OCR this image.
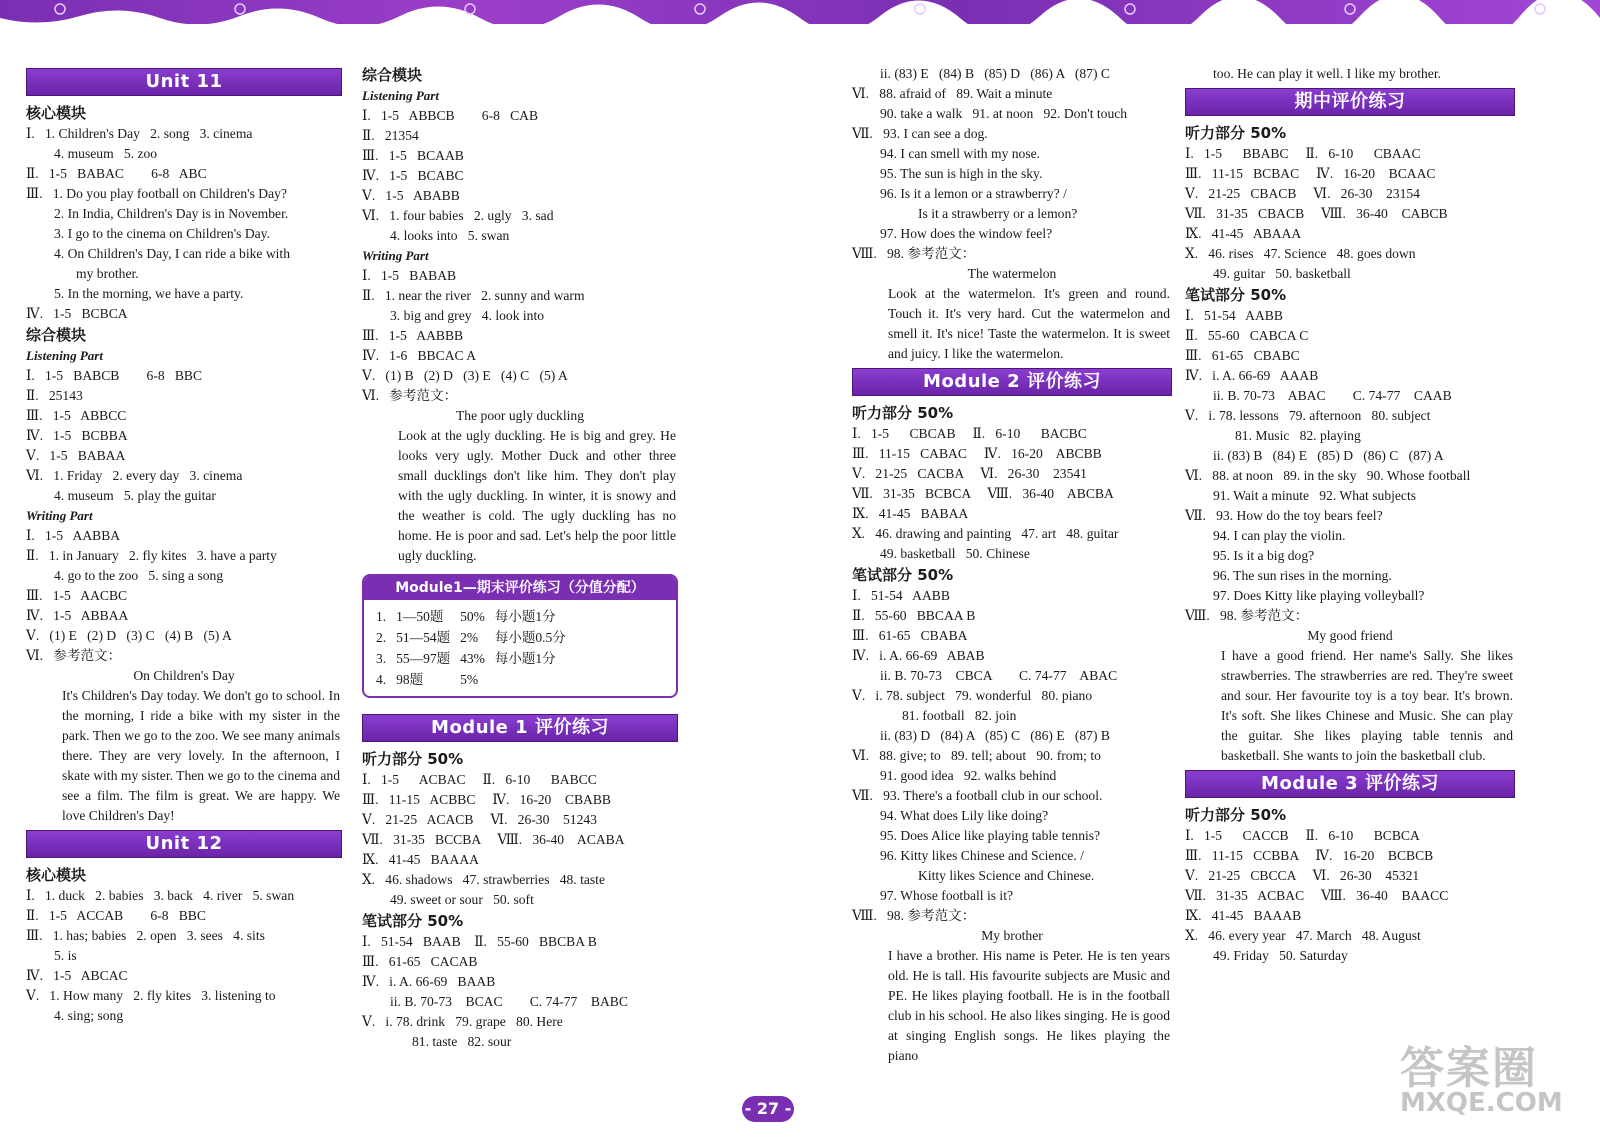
Unit 11
核心模块
Ⅰ.   1. Children's Day   2. song   3. cinema
4. museum   5. zoo
Ⅱ.   1-5   BABAC        6-8   ABC
Ⅲ.   1. Do you play football on Children's Day?
2. In India, Children's Day is in November.
3. I go to the cinema on Children's Day.
4. On Children's Day, I can ride a bike with
my brother.
5. In the morning, we have a party.
Ⅳ.   1-5   BCBCA
综合模块
Listening Part
Ⅰ.   1-5   BABCB        6-8   BBC
Ⅱ.   25143
Ⅲ.   1-5   ABBCC
Ⅳ.   1-5   BCBBA
Ⅴ.   1-5   BABAA
Ⅵ.   1. Friday   2. every day   3. cinema
4. museum   5. play the guitar
Writing Part
Ⅰ.   1-5   AABBA
Ⅱ.   1. in January   2. fly kites   3. have a party
4. go to the zoo   5. sing a song
Ⅲ.   1-5   AACBC
Ⅳ.   1-5   ABBAA
Ⅴ.   (1) E   (2) D   (3) C   (4) B   (5) A
Ⅵ.   参考范文：
On Children's Day
It's Children's Day today. We don't go to school. In the morning, I ride a bike with my sister in the park. Then we go to the zoo. We see many animals there. They are very lovely. In the afternoon, I skate with my sister. Then we go to the cinema and see a film. The film is great. We are happy. We love Children's Day!
Unit 12
核心模块
Ⅰ.   1. duck   2. babies   3. back   4. river   5. swan
Ⅱ.   1-5   ACCAB        6-8   BBC
Ⅲ.   1. has; babies   2. open   3. sees   4. sits
5. is
Ⅳ.   1-5   ABCAC
Ⅴ.   1. How many   2. fly kites   3. listening to
4. sing; song
综合模块
Listening Part
Ⅰ.   1-5   ABBCB        6-8   CAB
Ⅱ.   21354
Ⅲ.   1-5   BCAAB
Ⅳ.   1-5   BCABC
Ⅴ.   1-5   ABABB
Ⅵ.   1. four babies   2. ugly   3. sad
4. looks into   5. swan
Writing Part
Ⅰ.   1-5   BABAB
Ⅱ.   1. near the river   2. sunny and warm
3. big and grey   4. look into
Ⅲ.   1-5   AABBB
Ⅳ.   1-6   BBCAC A
Ⅴ.   (1) B   (2) D   (3) E   (4) C   (5) A
Ⅵ.   参考范文：
The poor ugly duckling
Look at the ugly duckling. He is big and grey. He looks very ugly. Mother Duck and other three small ducklings don't like him. They don't play with the ugly duckling. In winter, it is snowy and the weather is cold. The ugly duckling has no home. He is poor and sad. Let's help the poor little ugly duckling.
Module1—期末评价练习（分值分配）
1.	1—50题	50%	每小题1分
2.	51—54题	2%	每小题0.5分
3.	55—97题	43%	每小题1分
4.	98题	5%	
Module 1 评价练习
听力部分 50%
Ⅰ.   1-5      ACBAC     Ⅱ.   6-10      BABCC
Ⅲ.   11-15   ACBBC     Ⅳ.   16-20    CBABB
Ⅴ.   21-25   ACACB     Ⅵ.   26-30    51243
Ⅶ.   31-35   BCCBA     Ⅷ.   36-40    ACABA
Ⅸ.   41-45   BAAAA
Ⅹ.   46. shadows   47. strawberries   48. taste
49. sweet or sour   50. soft
笔试部分 50%
Ⅰ.   51-54   BAAB    Ⅱ.   55-60   BBCBA B
Ⅲ.   61-65   CACAB
Ⅳ.   i. A. 66-69   BAAB
ii. B. 70-73    BCAC        C. 74-77    BABC
Ⅴ.   i. 78. drink   79. grape   80. Here
81. taste   82. sour
ii. (83) E   (84) B   (85) D   (86) A   (87) C
Ⅵ.   88. afraid of   89. Wait a minute
90. take a walk   91. at noon   92. Don't touch
Ⅶ.   93. I can see a dog.
94. I can smell with my nose.
95. The sun is high in the sky.
96. Is it a lemon or a strawberry? /
Is it a strawberry or a lemon?
97. How does the window feel?
Ⅷ.   98. 参考范文：
The watermelon
Look at the watermelon. It's green and round. Touch it. It's very hard. Cut the watermelon and smell it. It's nice! Taste the watermelon. It is sweet and juicy. I like the watermelon.
Module 2 评价练习
听力部分 50%
Ⅰ.   1-5      CBCAB     Ⅱ.   6-10      BACBC
Ⅲ.   11-15   CABAC     Ⅳ.   16-20    ABCBB
Ⅴ.   21-25   CACBA     Ⅵ.   26-30    23541
Ⅶ.   31-35   BCBCA     Ⅷ.   36-40    ABCBA
Ⅸ.   41-45   BABAA
Ⅹ.   46. drawing and painting   47. art   48. guitar
49. basketball   50. Chinese
笔试部分 50%
Ⅰ.   51-54   AABB
Ⅱ.   55-60   BBCAA B
Ⅲ.   61-65   CBABA
Ⅳ.   i. A. 66-69   ABAB
ii. B. 70-73    CBCA        C. 74-77    ABAC
Ⅴ.   i. 78. subject   79. wonderful   80. piano
81. football   82. join
ii. (83) D   (84) A   (85) C   (86) E   (87) B
Ⅵ.   88. give; to   89. tell; about   90. from; to
91. good idea   92. walks behind
Ⅶ.   93. There's a football club in our school.
94. What does Lily like doing?
95. Does Alice like playing table tennis?
96. Kitty likes Chinese and Science. /
Kitty likes Science and Chinese.
97. Whose football is it?
Ⅷ.   98. 参考范文：
My brother
I have a brother. His name is Peter. He is ten years old. He is tall. His favourite subjects are Music and PE. He likes playing football. He is in the football club in his school. He also likes singing. He is good at singing English songs. He likes playing the piano
too. He can play it well. I like my brother.
期中评价练习
听力部分 50%
Ⅰ.   1-5      BBABC     Ⅱ.   6-10      CBAAC
Ⅲ.   11-15   BCBAC     Ⅳ.   16-20    BCAAC
Ⅴ.   21-25   CBACB     Ⅵ.   26-30    23154
Ⅶ.   31-35   CBACB     Ⅷ.   36-40    CABCB
Ⅸ.   41-45   ABAAA
Ⅹ.   46. rises   47. Science   48. goes down
49. guitar   50. basketball
笔试部分 50%
Ⅰ.   51-54   AABB
Ⅱ.   55-60   CABCA C
Ⅲ.   61-65   CBABC
Ⅳ.   i. A. 66-69   AAAB
ii. B. 70-73    ABAC        C. 74-77    CAAB
Ⅴ.   i. 78. lessons   79. afternoon   80. subject
81. Music   82. playing
ii. (83) B   (84) E   (85) D   (86) C   (87) A
Ⅵ.   88. at noon   89. in the sky   90. Whose football
91. Wait a minute   92. What subjects
Ⅶ.   93. How do the toy bears feel?
94. I can play the violin.
95. Is it a big dog?
96. The sun rises in the morning.
97. Does Kitty like playing volleyball?
Ⅷ.   98. 参考范文：
My good friend
I have a good friend. Her name's Sally. She likes strawberries. The strawberries are red. They're sweet and sour. Her favourite toy is a toy bear. It's brown. It's soft. She likes Chinese and Music. She can play the guitar. She likes playing table tennis and basketball. She wants to join the basketball club.
Module 3 评价练习
听力部分 50%
Ⅰ.   1-5      CACCB     Ⅱ.   6-10      BCBCA
Ⅲ.   11-15   CCBBA     Ⅳ.   16-20    BCBCB
Ⅴ.   21-25   CBCCA     Ⅵ.   26-30    45321
Ⅶ.   31-35   ACBAC     Ⅷ.   36-40    BAACC
Ⅸ.   41-45   BAAAB
Ⅹ.   46. every year   47. March   48. August
49. Friday   50. Saturday
- 27 -
答案圈
MXQE.COM
